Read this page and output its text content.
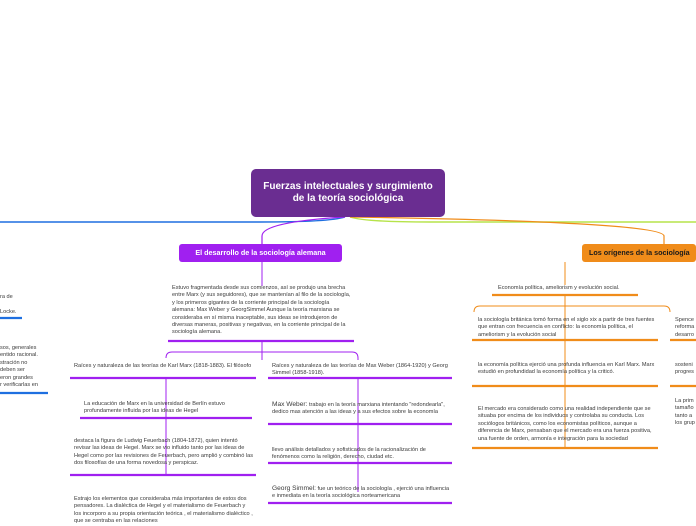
Fuerzas intelectuales y surgimiento de la teoría sociológica
El desarrollo de la sociología alemana	Los orígenes de la sociología
Estuvo fragmentada desde sus comienzos, así se produjo una brecha entre Marx (y sus seguidores), que se mantenían al filo de la sociología, y los primeros gigantes de la corriente principal de la sociología alemana: Max Weber y GeorgSimmel Aunque la teoría marxiana se consideraba en sí misma inaceptable, sus ideas se introdujeron de diversas maneras, positivas y negativas, en la corriente principal de la sociología alemana.
Raíces y naturaleza de las teorías de Karl Marx (1818-1883). El filósofo
La educación de Marx en la universidad de Berlín estuvo profundamente influida por las ideas de Hegel
destaca la figura de Ludwig Feuerbach (1804-1872), quien intentó revisar las ideas de Hegel. Marx se vio influido tanto por las ideas de Hegel como por las revisiones de Feuerbach, pero amplió y combinó las dos filosofías de una forma novedosa y perspicaz.
Estrajo los elementos que consideraba más importantes de estos dos pensadores. La dialéctica de Hegel y el materialismo de Feuerbach y los incorporo a su propia orientación teórica , el materialismo dialéctico , que se centraba en las relaciones
Raíces y naturaleza de las teorías de Max Weber (1864-1920) y Georg Simmel (1858-1918).
Max Weber: trabajo en la teoría marxiana intentando "redondearla", dedico mas atención a las ideas y a sus efectos sobre la economía
llevo análisis detallados y sofisticados de la racionalización de fenómenos como la religión, derecho, ciudad etc.
Georg Simmel: fue un teórico de la sociología , ejerció una influencia e inmediata en la teoría sociológica norteamericana
Economía política, ameliorism y evolución social.
la sociología británica tomó forma en el siglo xix a partir de tres fuentes que entran con frecuencia en conflicto: la economía política, el ameliorism y la evolución social
la economía política ejerció una profunda influencia en Karl Marx. Marx estudió en profundidad la economía política y la criticó.
El mercado era considerado como una realidad independiente que se situaba por encima de los individuos y controlaba su conducta. Los sociólogos británicos, como los economistas políticos, aunque a diferencia de Marx, pensaban que el mercado era una fuerza positiva, una fuente de orden, armonía e integración para la sociedad
Spence
reforma
desarro
sosteni
progres
La prim
tamaño
tanto a
los grup
ra de

Locke.
sos, generales
entido racional.
stración no
deben ser
eron grandes
r verificarlas en
